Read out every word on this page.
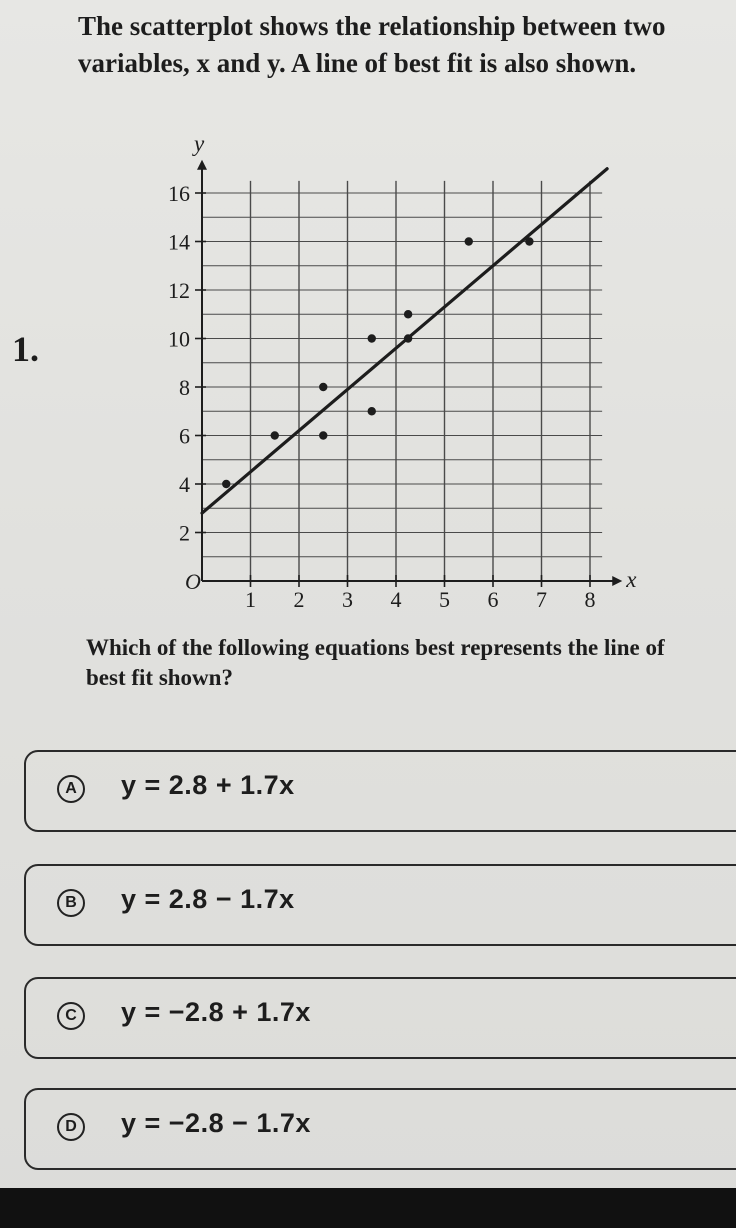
The scatterplot shows the relationship between two variables, x and y. A line of best fit is also shown.

1.
1 2 3 4 5 6 7 8
2
4
6
8
10
12
14
16
O	x
y

Which of the following equations best represents the line of best fit shown?

A	y = 2.8 + 1.7x
B	y = 2.8 − 1.7x
C	y = −2.8 + 1.7x
D	y = −2.8 − 1.7x
